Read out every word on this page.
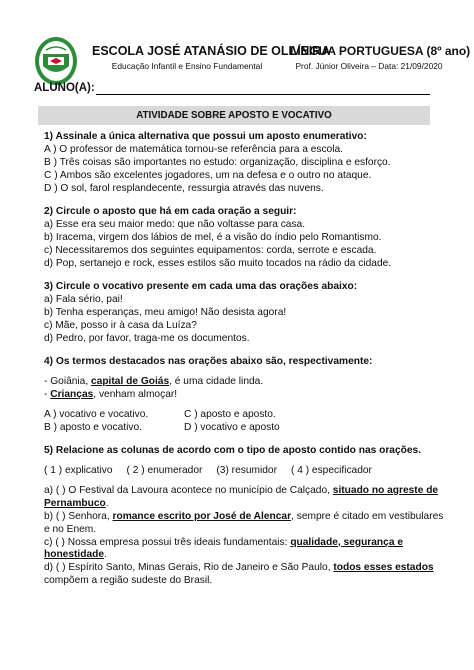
ESCOLA JOSÉ ATANÁSIO DE OLIVEIRA
Educação Infantil e Ensino Fundamental
LÍNGUA PORTUGUESA (8º ano)
Prof. Júnior Oliveira – Data: 21/09/2020
ALUNO(A):
ATIVIDADE SOBRE APOSTO E VOCATIVO

1) Assinale a única alternativa que possui um aposto enumerativo:

A ) O professor de matemática tornou-se referência para a escola.

B ) Três coisas são importantes no estudo: organização, disciplina e esforço.

C ) Ambos são excelentes jogadores, um na defesa e o outro no ataque.

D ) O sol, farol resplandecente, ressurgia através das nuvens.

2) Circule o aposto que há em cada oração a seguir:

a) Esse era seu maior medo: que não voltasse para casa.

b) Iracema, virgem dos lábios de mel, é a visão do índio pelo Romantismo.

c) Necessitaremos dos seguintes equipamentos: corda, serrote e escada.

d) Pop, sertanejo e rock, esses estilos são muito tocados na rádio da cidade.

3) Circule o vocativo presente em cada uma das orações abaixo:

a) Fala sério, pai!

b) Tenha esperanças, meu amigo! Não desista agora!

c) Mãe, posso ir à casa da Luíza?

d) Pedro, por favor, traga-me os documentos.

4) Os termos destacados nas orações abaixo são, respectivamente:

- Goiânia, capital de Goiás, é uma cidade linda.

- Crianças, venham almoçar!

A ) vocativo e vocativo.	C ) aposto e aposto.

B ) aposto e vocativo.	D ) vocativo e aposto

5) Relacione as colunas de acordo com o tipo de aposto contido nas orações.

( 1 ) explicativo ( 2 ) enumerador (3) resumidor ( 4 ) especificador

a) ( ) O Festival da Lavoura acontece no município de Calçado, situado no agreste de Pernambuco.

b) ( ) Senhora, romance escrito por José de Alencar, sempre é citado em vestibulares e no Enem.

c) ( ) Nossa empresa possui três ideais fundamentais: qualidade, segurança e honestidade.

d) ( ) Espírito Santo, Minas Gerais, Rio de Janeiro e São Paulo, todos esses estados compõem a região sudeste do Brasil.
